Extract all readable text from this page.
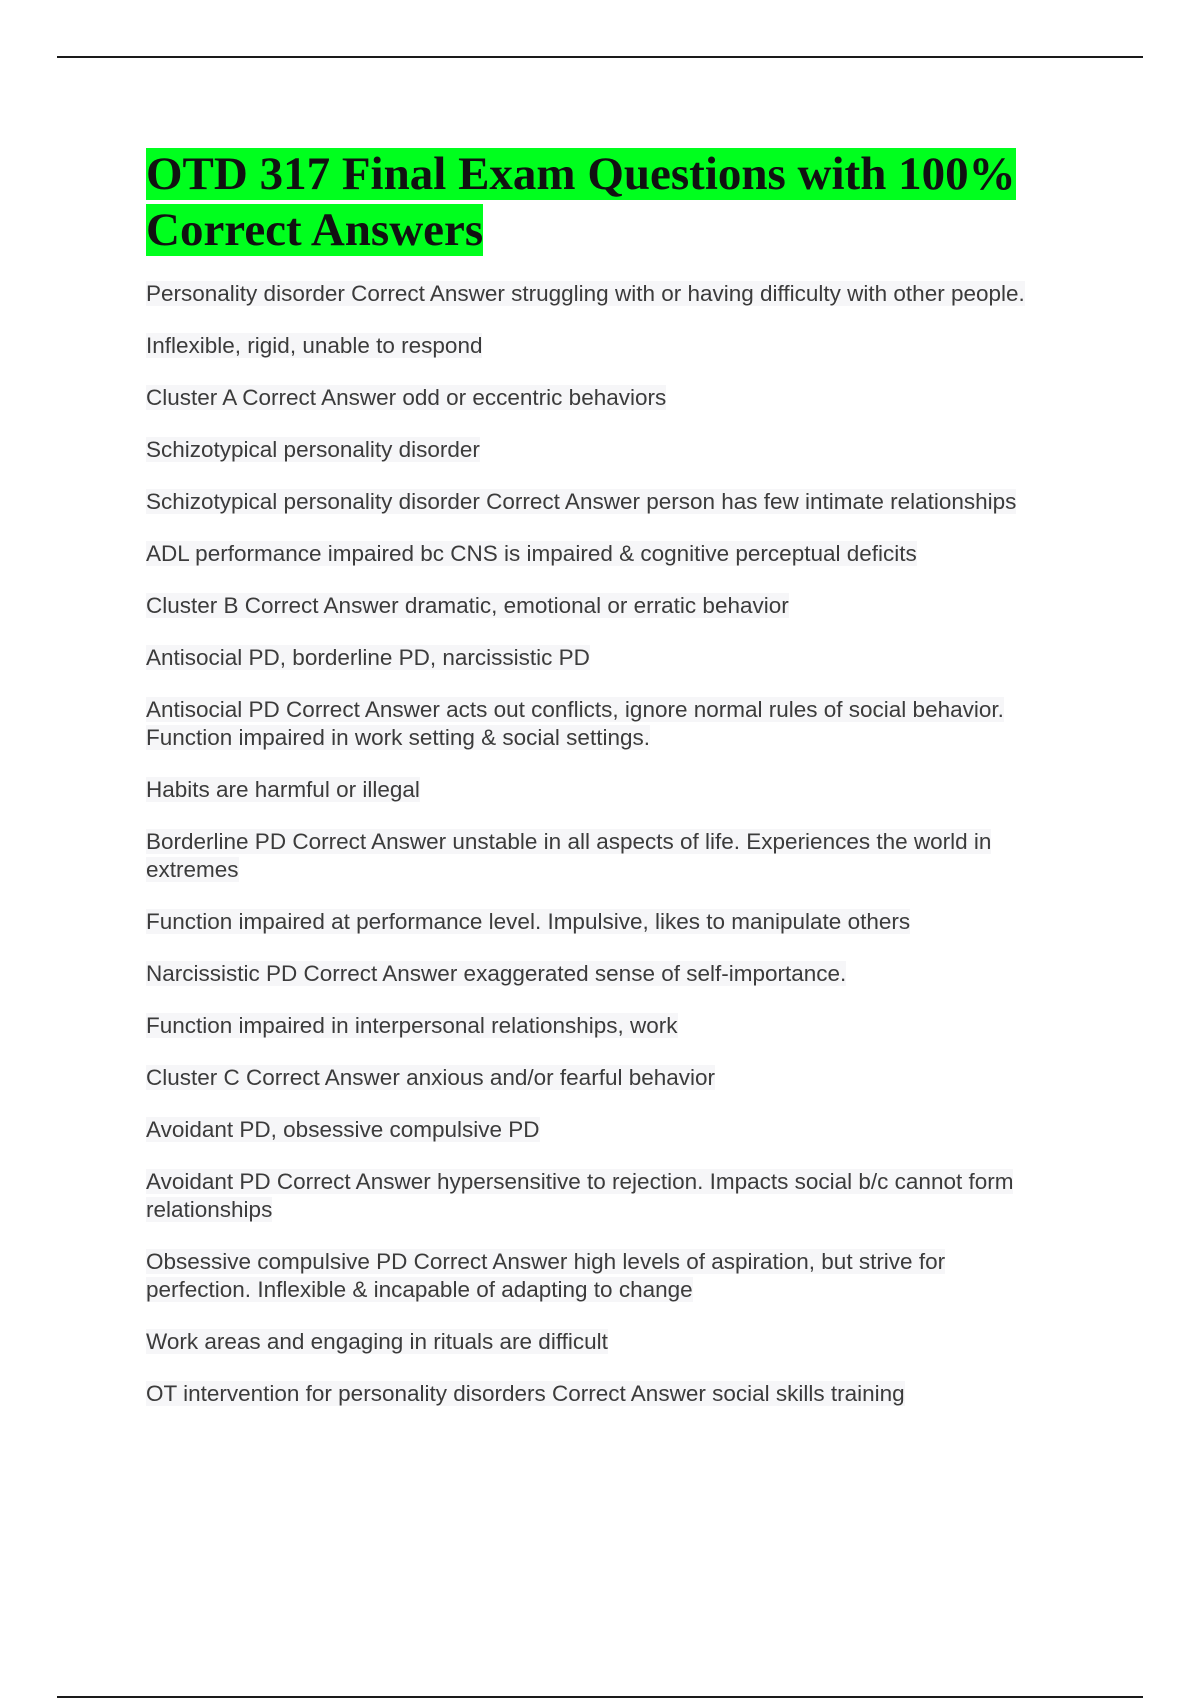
OTD 317 Final Exam Questions with 100% Correct Answers

Personality disorder Correct Answer struggling with or having difficulty with other people.

Inflexible, rigid, unable to respond

Cluster A Correct Answer odd or eccentric behaviors

Schizotypical personality disorder

Schizotypical personality disorder Correct Answer person has few intimate relationships

ADL performance impaired bc CNS is impaired & cognitive perceptual deficits

Cluster B Correct Answer dramatic, emotional or erratic behavior

Antisocial PD, borderline PD, narcissistic PD

Antisocial PD Correct Answer acts out conflicts, ignore normal rules of social behavior. Function impaired in work setting & social settings.

Habits are harmful or illegal

Borderline PD Correct Answer unstable in all aspects of life. Experiences the world in extremes

Function impaired at performance level. Impulsive, likes to manipulate others

Narcissistic PD Correct Answer exaggerated sense of self-importance.

Function impaired in interpersonal relationships, work

Cluster C Correct Answer anxious and/or fearful behavior

Avoidant PD, obsessive compulsive PD

Avoidant PD Correct Answer hypersensitive to rejection. Impacts social b/c cannot form relationships

Obsessive compulsive PD Correct Answer high levels of aspiration, but strive for perfection. Inflexible & incapable of adapting to change

Work areas and engaging in rituals are difficult

OT intervention for personality disorders Correct Answer social skills training
